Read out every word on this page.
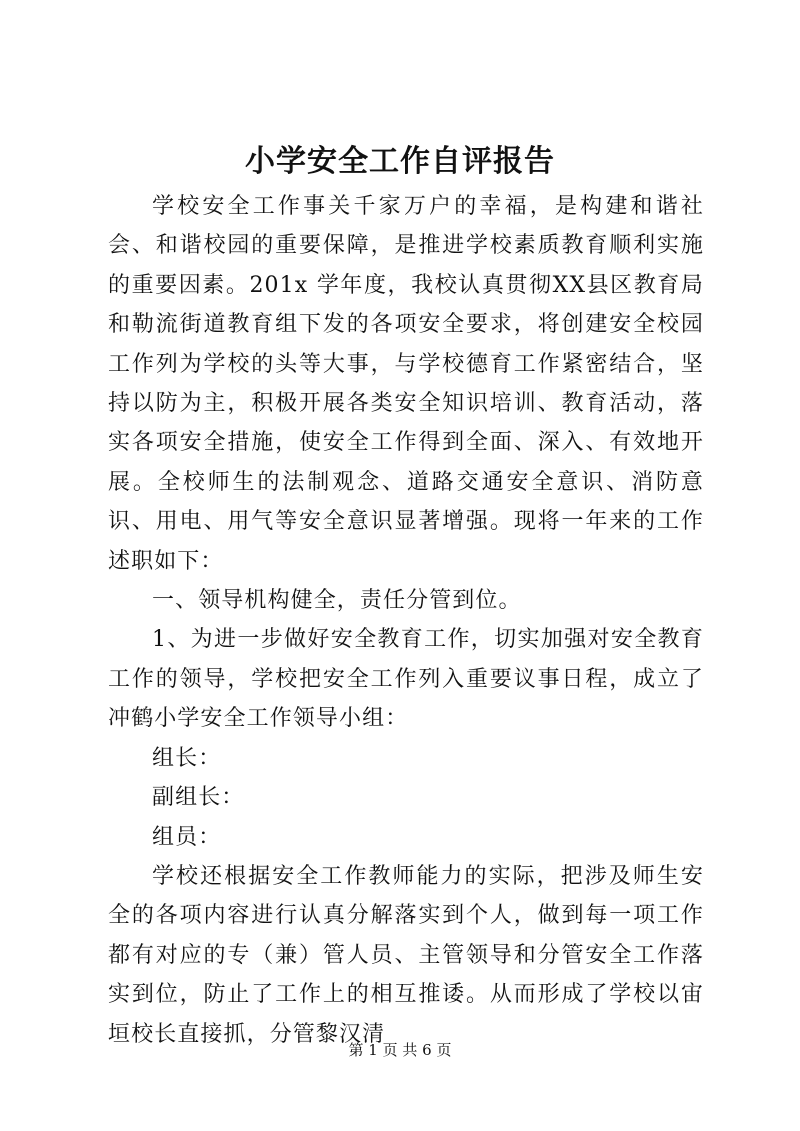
小学安全工作自评报告

学校安全工作事关千家万户的幸福，是构建和谐社会、和谐校园的重要保障，是推进学校素质教育顺利实施的重要因素。201x 学年度，我校认真贯彻XX县区教育局和勒流街道教育组下发的各项安全要求，将创建安全校园工作列为学校的头等大事，与学校德育工作紧密结合，坚持以防为主，积极开展各类安全知识培训、教育活动，落实各项安全措施，使安全工作得到全面、深入、有效地开展。全校师生的法制观念、道路交通安全意识、消防意识、用电、用气等安全意识显著增强。现将一年来的工作述职如下：

一、领导机构健全，责任分管到位。

1、为进一步做好安全教育工作，切实加强对安全教育工作的领导，学校把安全工作列入重要议事日程，成立了冲鹤小学安全工作领导小组：

组长：

副组长：

组员：

学校还根据安全工作教师能力的实际，把涉及师生安全的各项内容进行认真分解落实到个人，做到每一项工作都有对应的专（兼）管人员、主管领导和分管安全工作落实到位，防止了工作上的相互推诿。从而形成了学校以宙垣校长直接抓，分管黎汉清

第 1 页 共 6 页
